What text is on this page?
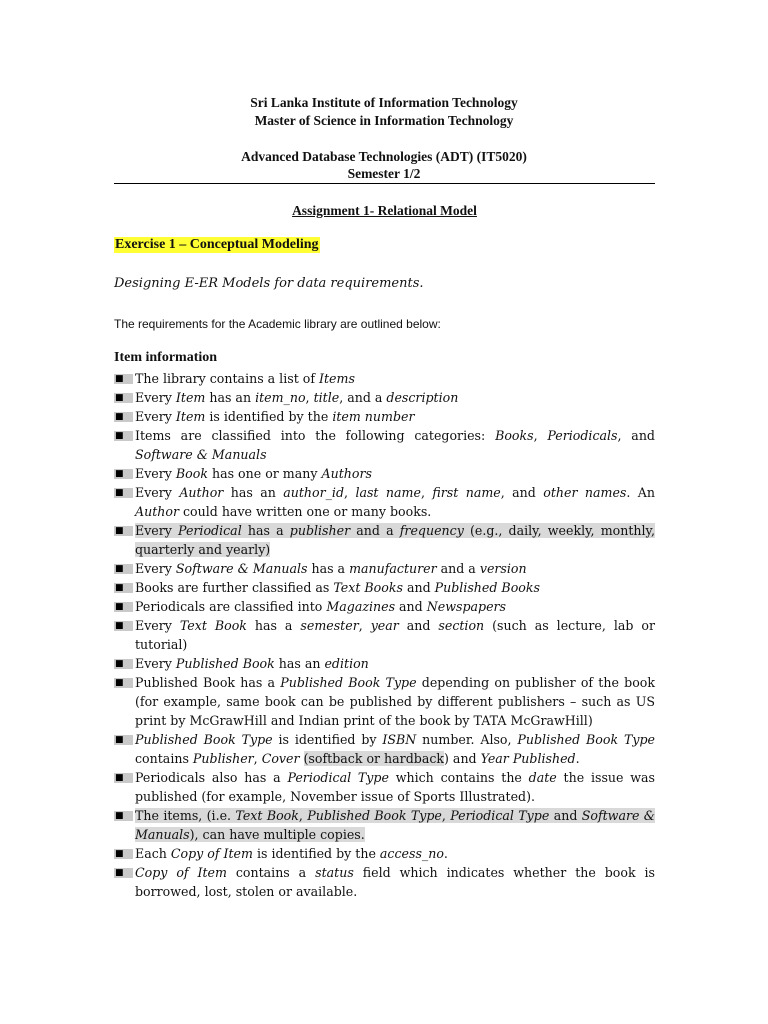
Sri Lanka Institute of Information Technology
Master of Science in Information Technology
Advanced Database Technologies (ADT) (IT5020)
Semester 1/2
Assignment 1- Relational Model
Exercise 1 – Conceptual Modeling
Designing E-ER Models for data requirements.
The requirements for the Academic library are outlined below:
Item information
■
The library contains a list of Items
■
Every Item has an item_no, title, and a description
■
Every Item is identified by the item number
■
Items are classified into the following categories: Books, Periodicals, and Software & Manuals
■
Every Book has one or many Authors
■
Every Author has an author_id, last name, first name, and other names. An Author could have written one or many books.
■
Every Periodical has a publisher and a frequency (e.g., daily, weekly, monthly, quarterly and yearly)
■
Every Software & Manuals has a manufacturer and a version
■
Books are further classified as Text Books and Published Books
■
Periodicals are classified into Magazines and Newspapers
■
Every Text Book has a semester, year and section (such as lecture, lab or tutorial)
■
Every Published Book has an edition
■
Published Book has a Published Book Type depending on publisher of the book (for example, same book can be published by different publishers – such as US print by McGrawHill and Indian print of the book by TATA McGrawHill)
■
Published Book Type is identified by ISBN number. Also, Published Book Type contains Publisher, Cover (softback or hardback) and Year Published.
■
Periodicals also has a Periodical Type which contains the date the issue was published (for example, November issue of Sports Illustrated).
■
The items, (i.e. Text Book, Published Book Type, Periodical Type and Software & Manuals), can have multiple copies.
■
Each Copy of Item is identified by the access_no.
■
Copy of Item contains a status field which indicates whether the book is borrowed, lost, stolen or available.
